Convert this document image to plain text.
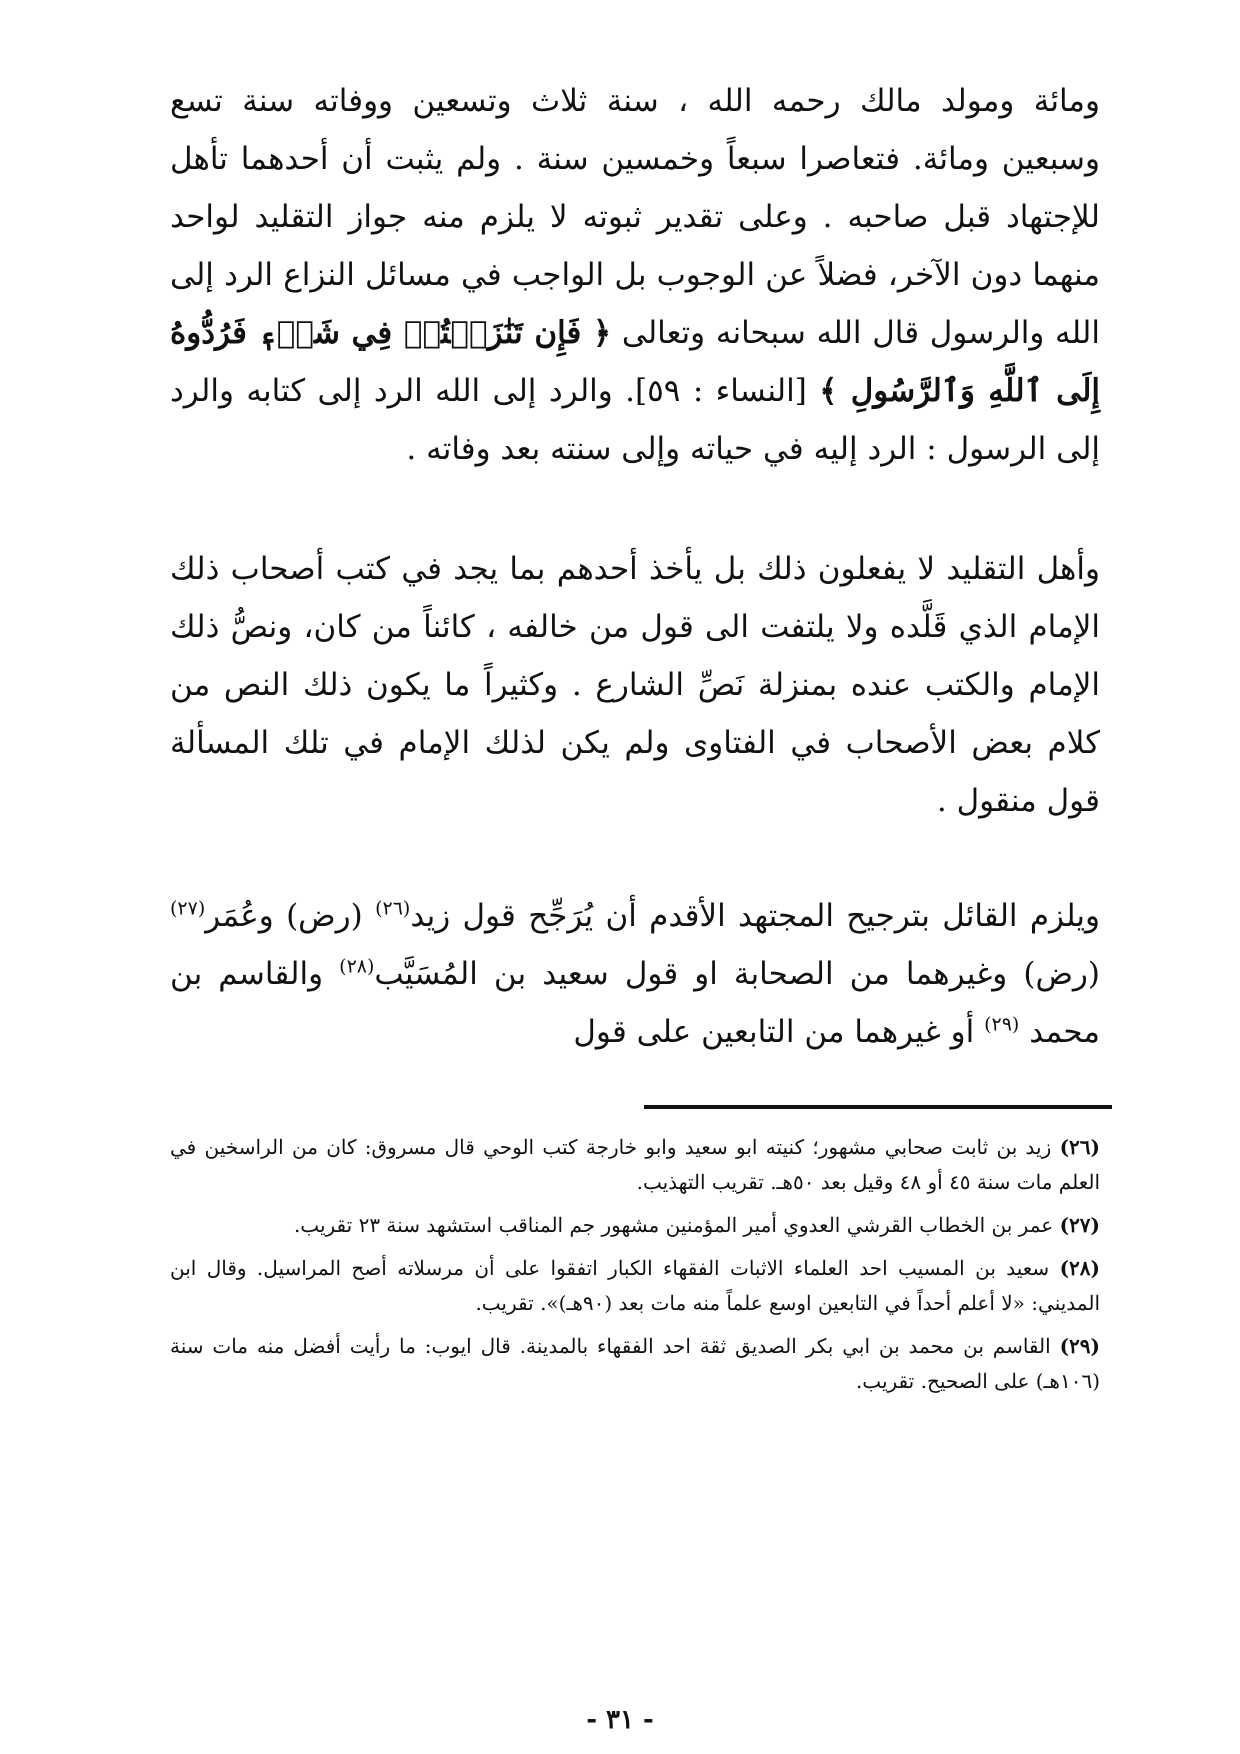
ومائة ومولد مالك رحمه الله ، سنة ثلاث وتسعين ووفاته سنة تسع وسبعين ومائة. فتعاصرا سبعاً وخمسين سنة . ولم يثبت أن أحدهما تأهل للإجتهاد قبل صاحبه . وعلى تقدير ثبوته لا يلزم منه جواز التقليد لواحد منهما دون الآخر، فضلاً عن الوجوب بل الواجب في مسائل النزاع الرد إلى الله والرسول قال الله سبحانه وتعالى ﴿ فَإِن تَنَٰزَعۡتُمۡ فِي شَيۡءٖ فَرُدُّوهُ إِلَى ٱللَّهِ وَٱلرَّسُولِ ﴾ [النساء : ٥٩]. والرد إلى الله الرد إلى كتابه والرد إلى الرسول : الرد إليه في حياته وإلى سنته بعد وفاته .
وأهل التقليد لا يفعلون ذلك بل يأخذ أحدهم بما يجد في كتب أصحاب ذلك الإمام الذي قَلَّده ولا يلتفت الى قول من خالفه ، كائناً من كان، ونصُّ ذلك الإمام والكتب عنده بمنزلة نَصِّ الشارع . وكثيراً ما يكون ذلك النص من كلام بعض الأصحاب في الفتاوى ولم يكن لذلك الإمام في تلك المسألة قول منقول .
ويلزم القائل بترجيح المجتهد الأقدم أن يُرَجِّح قول زيد$^{(٢٦)}$ (رض) وعُمَر$^{(٢٧)}$ (رض) وغيرهما من الصحابة او قول سعيد بن المُسَيَّب$^{(٢٨)}$ والقاسم بن محمد $^{(٢٩)}$ أو غيرهما من التابعين على قول
(٢٦) زيد بن ثابت صحابي مشهور؛ كنيته ابو سعيد وابو خارجة كتب الوحي قال مسروق: كان من الراسخين في العلم مات سنة ٤٥ أو ٤٨ وقيل بعد ٥٠هـ. تقريب التهذيب.
(٢٧) عمر بن الخطاب القرشي العدوي أمير المؤمنين مشهور جم المناقب استشهد سنة ٢٣ تقريب.
(٢٨) سعيد بن المسيب احد العلماء الاثبات الفقهاء الكبار اتفقوا على أن مرسلاته أصح المراسيل. وقال ابن المديني: «لا أعلم أحداً في التابعين اوسع علماً منه مات بعد (٩٠هـ)». تقريب.
(٢٩) القاسم بن محمد بن ابي بكر الصديق ثقة احد الفقهاء بالمدينة. قال ايوب: ما رأيت أفضل منه مات سنة (١٠٦هـ) على الصحيح. تقريب.
- ٣١ -
